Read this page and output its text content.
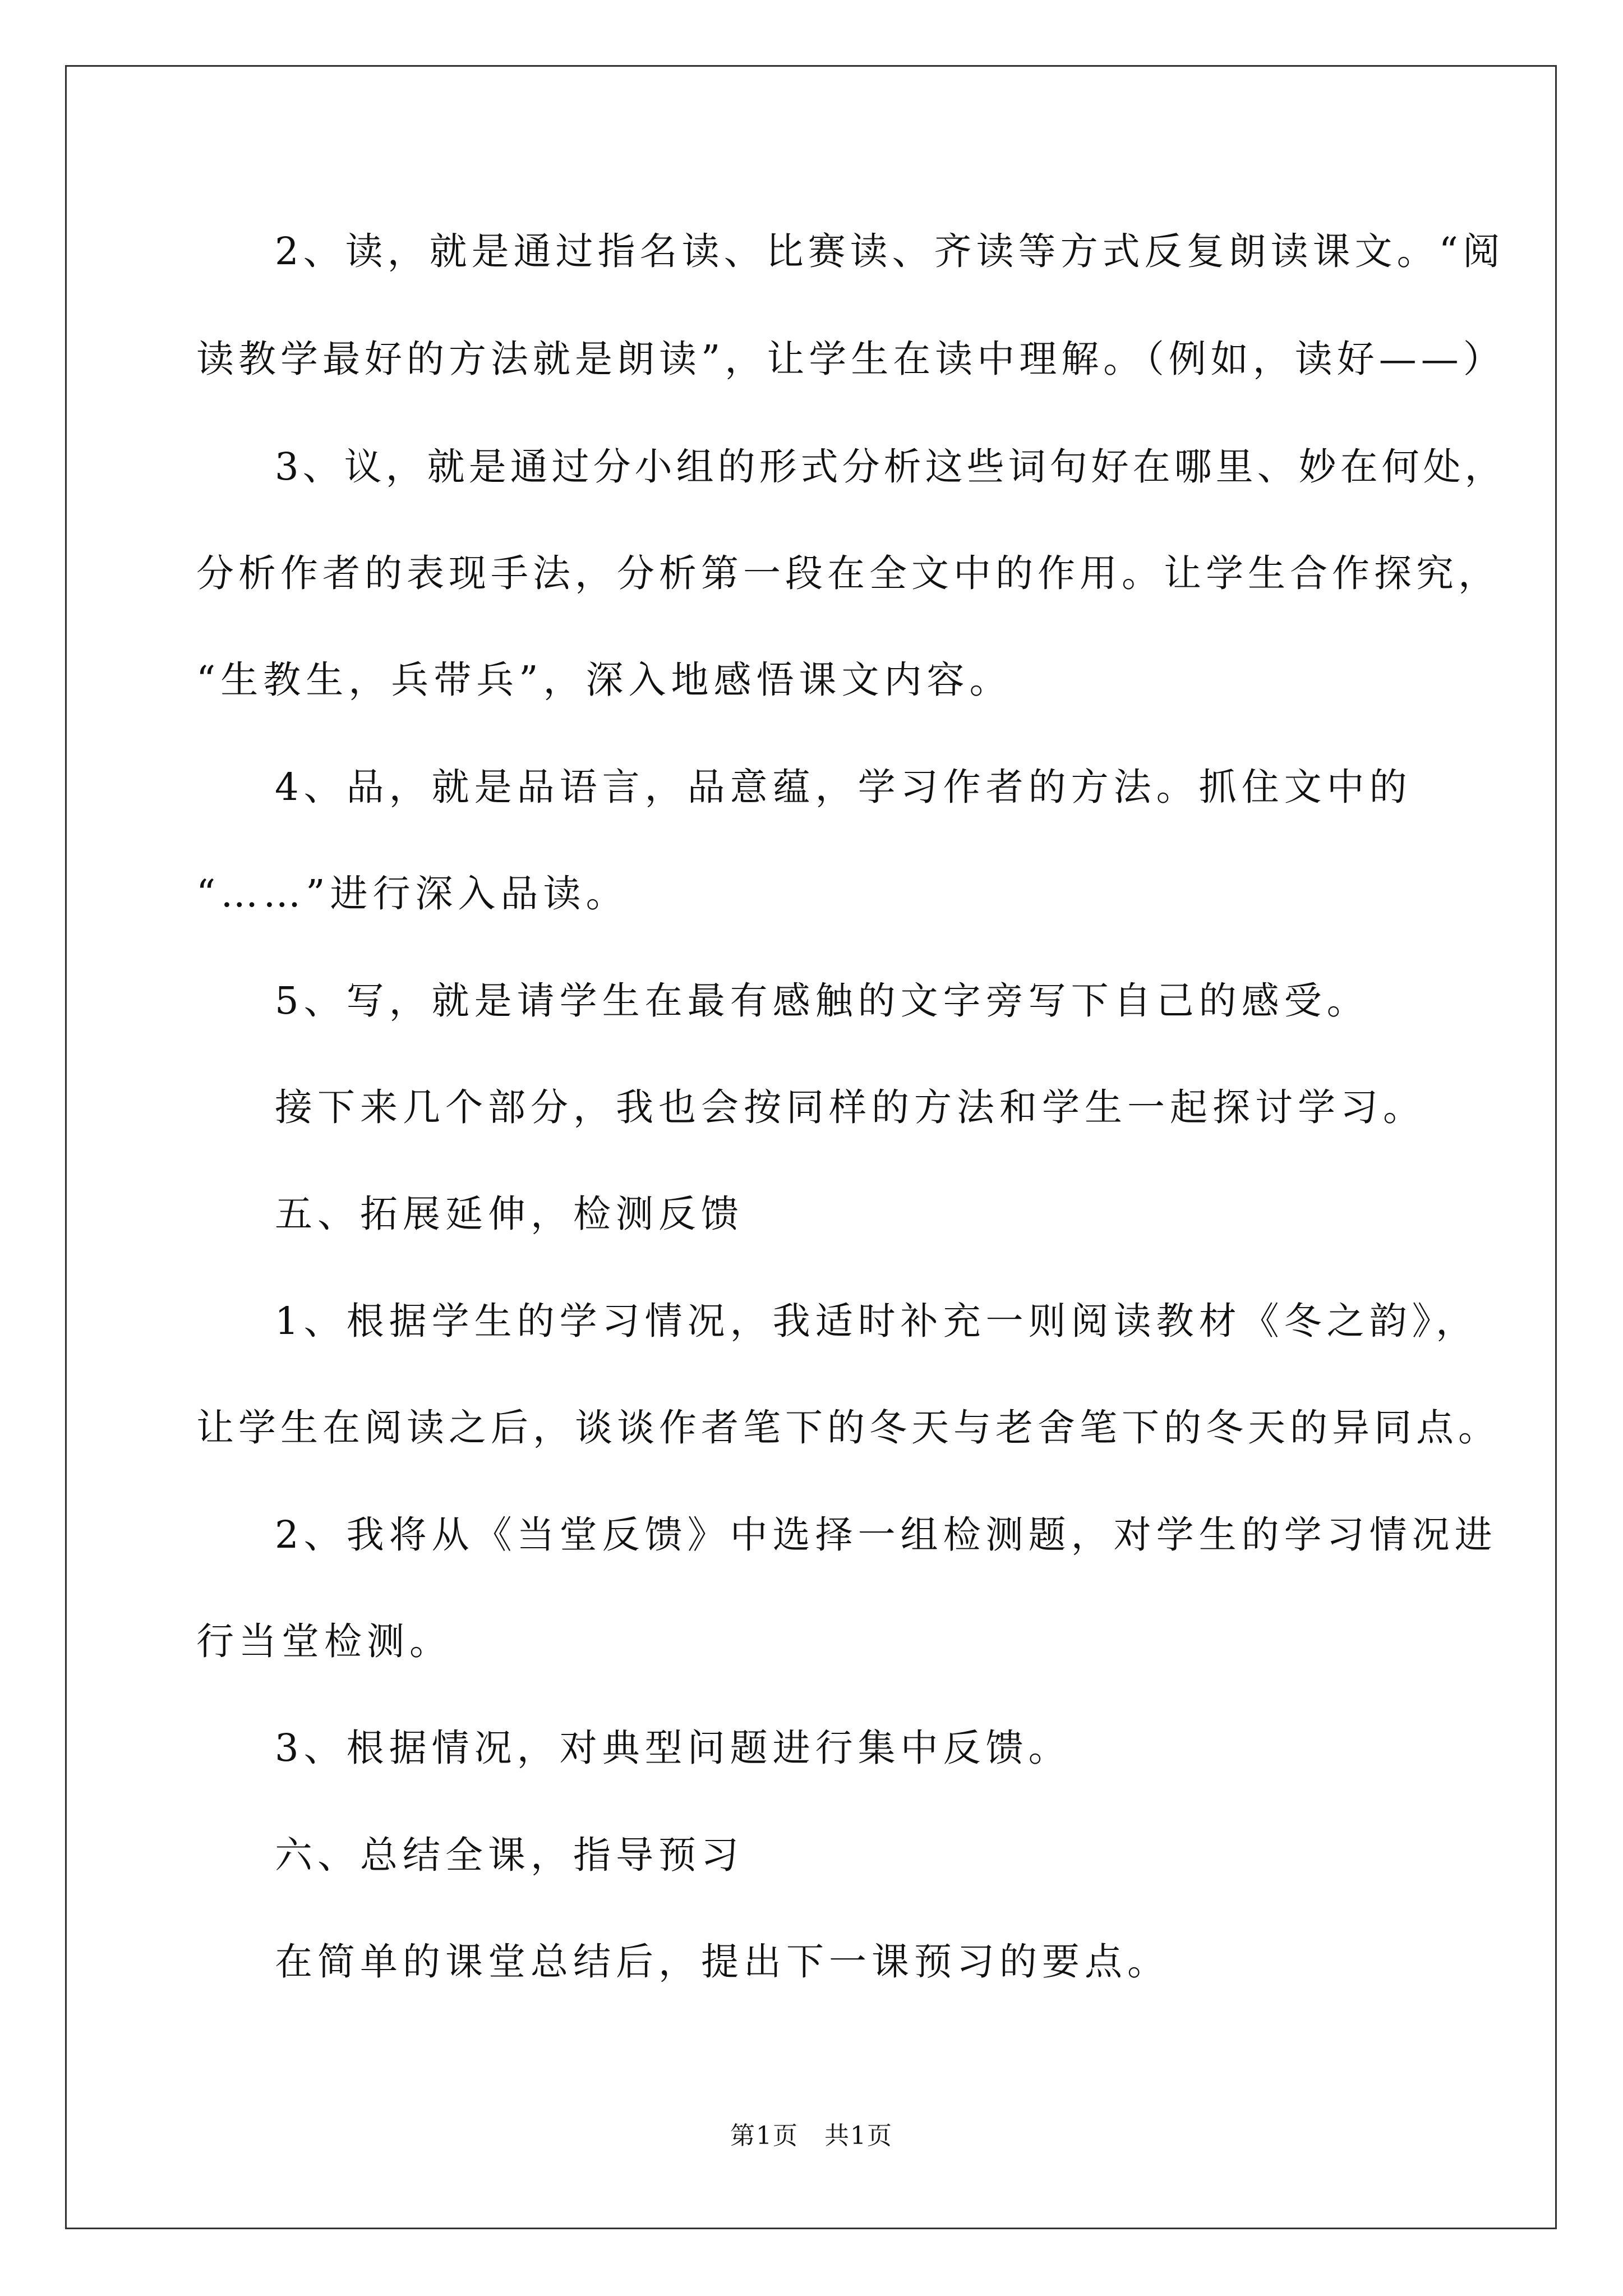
2、读，就是通过指名读、比赛读、齐读等方式反复朗读课文。“阅
读教学最好的方法就是朗读”，让学生在读中理解。（例如，读好——）
3、议，就是通过分小组的形式分析这些词句好在哪里、妙在何处，
分析作者的表现手法，分析第一段在全文中的作用。让学生合作探究，
“生教生，兵带兵”，深入地感悟课文内容。
4、品，就是品语言，品意蕴，学习作者的方法。抓住文中的
“……”进行深入品读。
5、写，就是请学生在最有感触的文字旁写下自己的感受。
接下来几个部分，我也会按同样的方法和学生一起探讨学习。
五、拓展延伸，检测反馈
1、根据学生的学习情况，我适时补充一则阅读教材《冬之韵》，
让学生在阅读之后，谈谈作者笔下的冬天与老舍笔下的冬天的异同点。
2、我将从《当堂反馈》中选择一组检测题，对学生的学习情况进
行当堂检测。
3、根据情况，对典型问题进行集中反馈。
六、总结全课，指导预习
在简单的课堂总结后，提出下一课预习的要点。
第1页　共1页
